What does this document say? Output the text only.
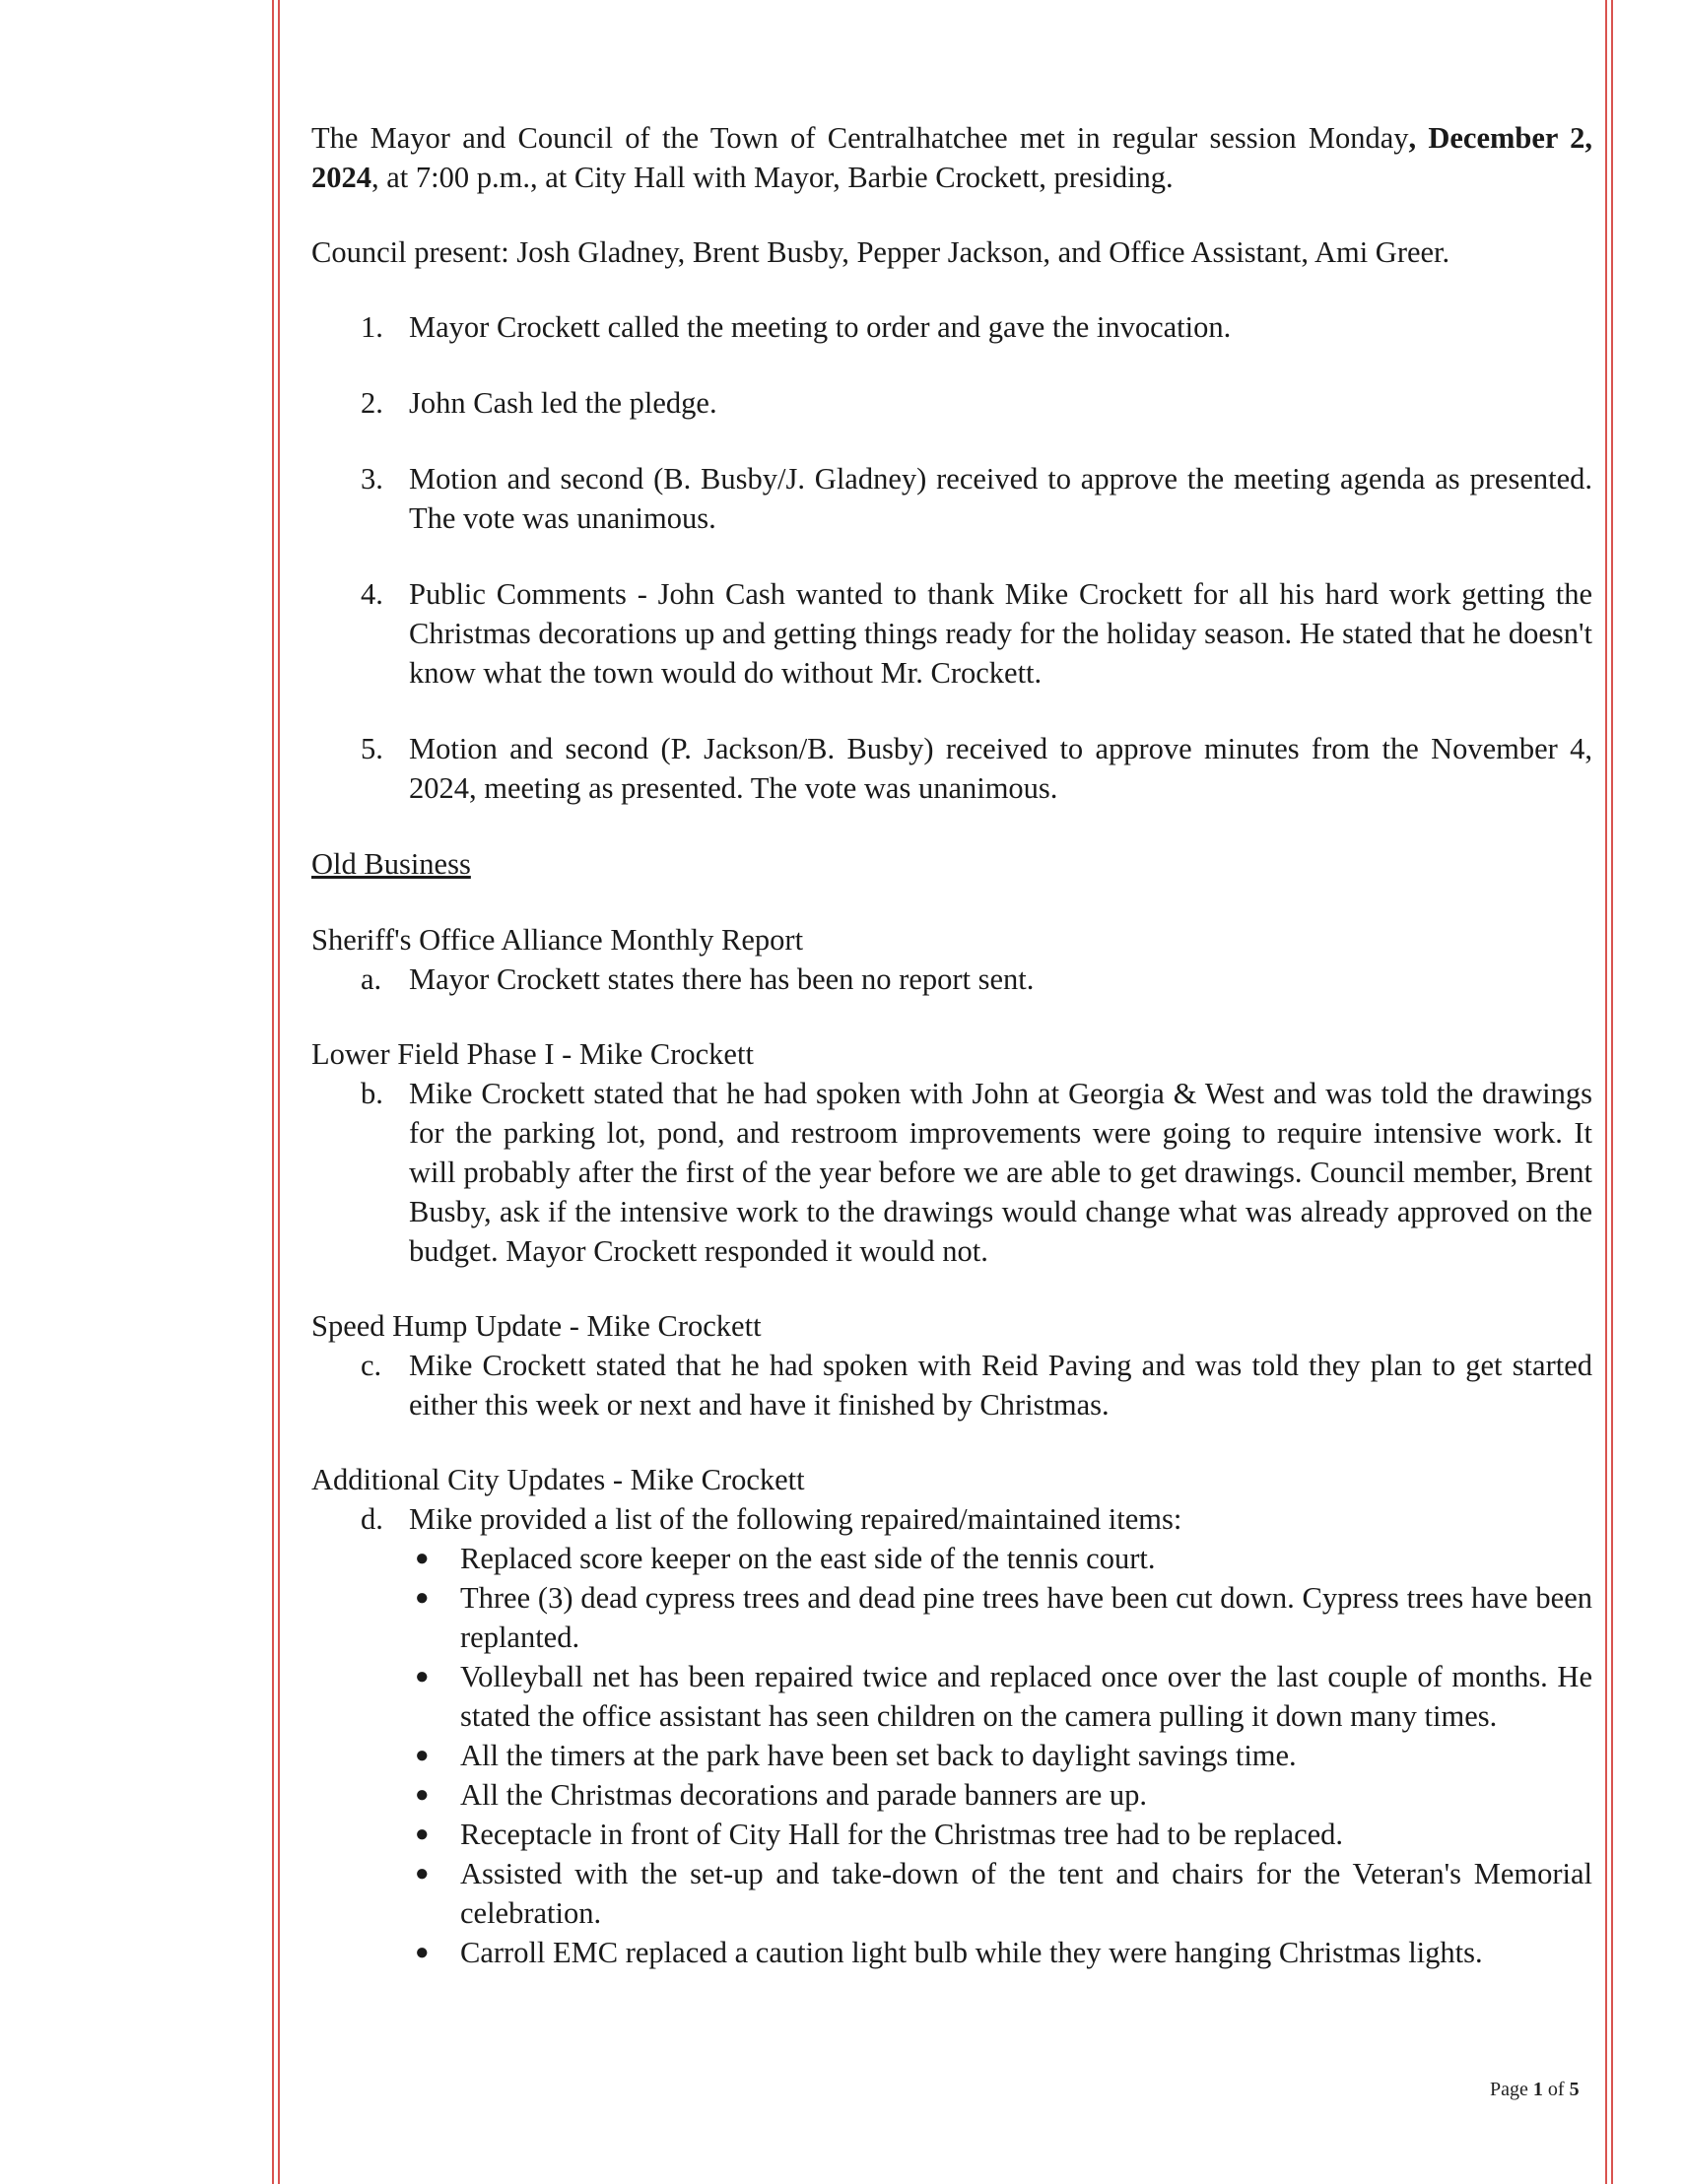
The Mayor and Council of the Town of Centralhatchee met in regular session Monday, December 2, 2024, at 7:00 p.m., at City Hall with Mayor, Barbie Crockett, presiding.

Council present: Josh Gladney, Brent Busby, Pepper Jackson, and Office Assistant, Ami Greer.

1. Mayor Crockett called the meeting to order and gave the invocation.
2. John Cash led the pledge.
3. Motion and second (B. Busby/J. Gladney) received to approve the meeting agenda as presented. The vote was unanimous.
4. Public Comments - John Cash wanted to thank Mike Crockett for all his hard work getting the Christmas decorations up and getting things ready for the holiday season. He stated that he doesn't know what the town would do without Mr. Crockett.
5. Motion and second (P. Jackson/B. Busby) received to approve minutes from the November 4, 2024, meeting as presented. The vote was unanimous.

Old Business

Sheriff's Office Alliance Monthly Report

a. Mayor Crockett states there has been no report sent.

Lower Field Phase I - Mike Crockett

b. Mike Crockett stated that he had spoken with John at Georgia & West and was told the drawings for the parking lot, pond, and restroom improvements were going to require intensive work. It will probably after the first of the year before we are able to get drawings. Council member, Brent Busby, ask if the intensive work to the drawings would change what was already approved on the budget. Mayor Crockett responded it would not.

Speed Hump Update - Mike Crockett

c. Mike Crockett stated that he had spoken with Reid Paving and was told they plan to get started either this week or next and have it finished by Christmas.

Additional City Updates - Mike Crockett

d. Mike provided a list of the following repaired/maintained items:

● Replaced score keeper on the east side of the tennis court.
● Three (3) dead cypress trees and dead pine trees have been cut down. Cypress trees have been replanted.
● Volleyball net has been repaired twice and replaced once over the last couple of months. He stated the office assistant has seen children on the camera pulling it down many times.
● All the timers at the park have been set back to daylight savings time.
● All the Christmas decorations and parade banners are up.
● Receptacle in front of City Hall for the Christmas tree had to be replaced.
● Assisted with the set-up and take-down of the tent and chairs for the Veteran's Memorial celebration.
● Carroll EMC replaced a caution light bulb while they were hanging Christmas lights.
Page 1 of 5
